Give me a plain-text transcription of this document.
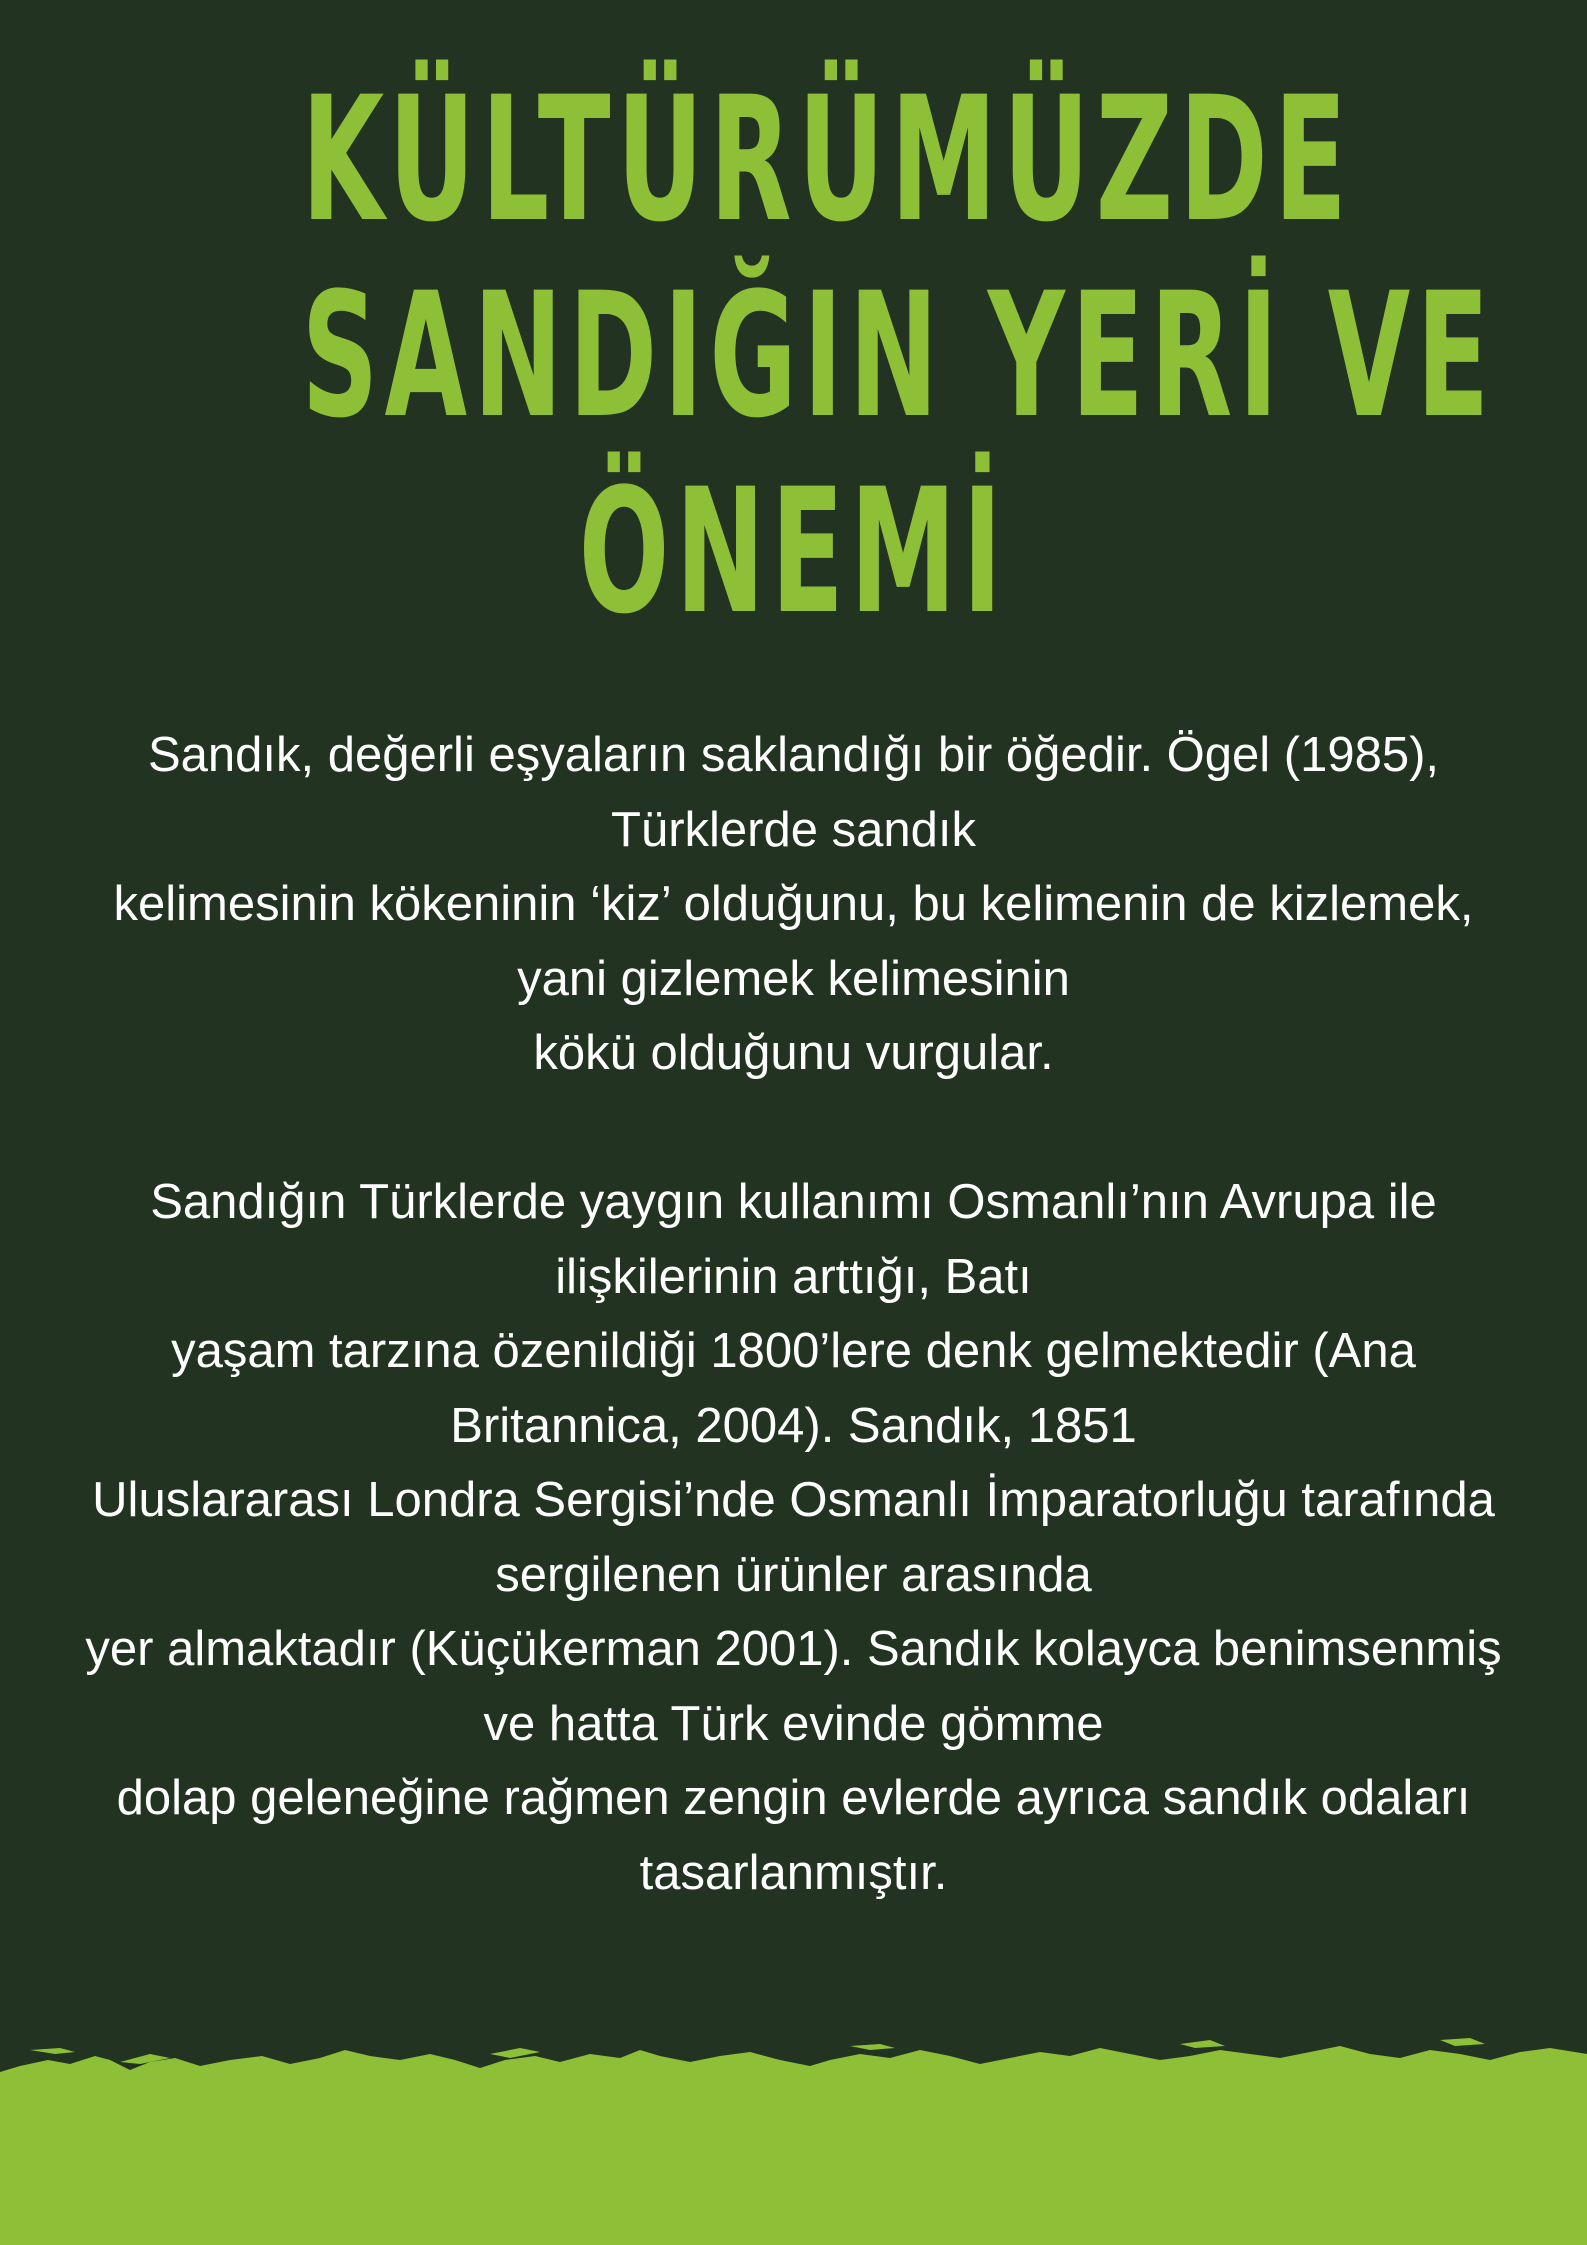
KÜLTÜRÜMÜZDE
SANDIĞIN YERİ VE
ÖNEMİ
Sandık, değerli eşyaların saklandığı bir öğedir. Ögel (1985),
Türklerde sandık
kelimesinin kökeninin ‘kiz’ olduğunu, bu kelimenin de kizlemek,
yani gizlemek kelimesinin
kökü olduğunu vurgular.
Sandığın Türklerde yaygın kullanımı Osmanlı’nın Avrupa ile
ilişkilerinin arttığı, Batı
yaşam tarzına özenildiği 1800’lere denk gelmektedir (Ana
Britannica, 2004). Sandık, 1851
Uluslararası Londra Sergisi’nde Osmanlı İmparatorluğu tarafında
sergilenen ürünler arasında
yer almaktadır (Küçükerman 2001). Sandık kolayca benimsenmiş
ve hatta Türk evinde gömme
dolap geleneğine rağmen zengin evlerde ayrıca sandık odaları
tasarlanmıştır.
